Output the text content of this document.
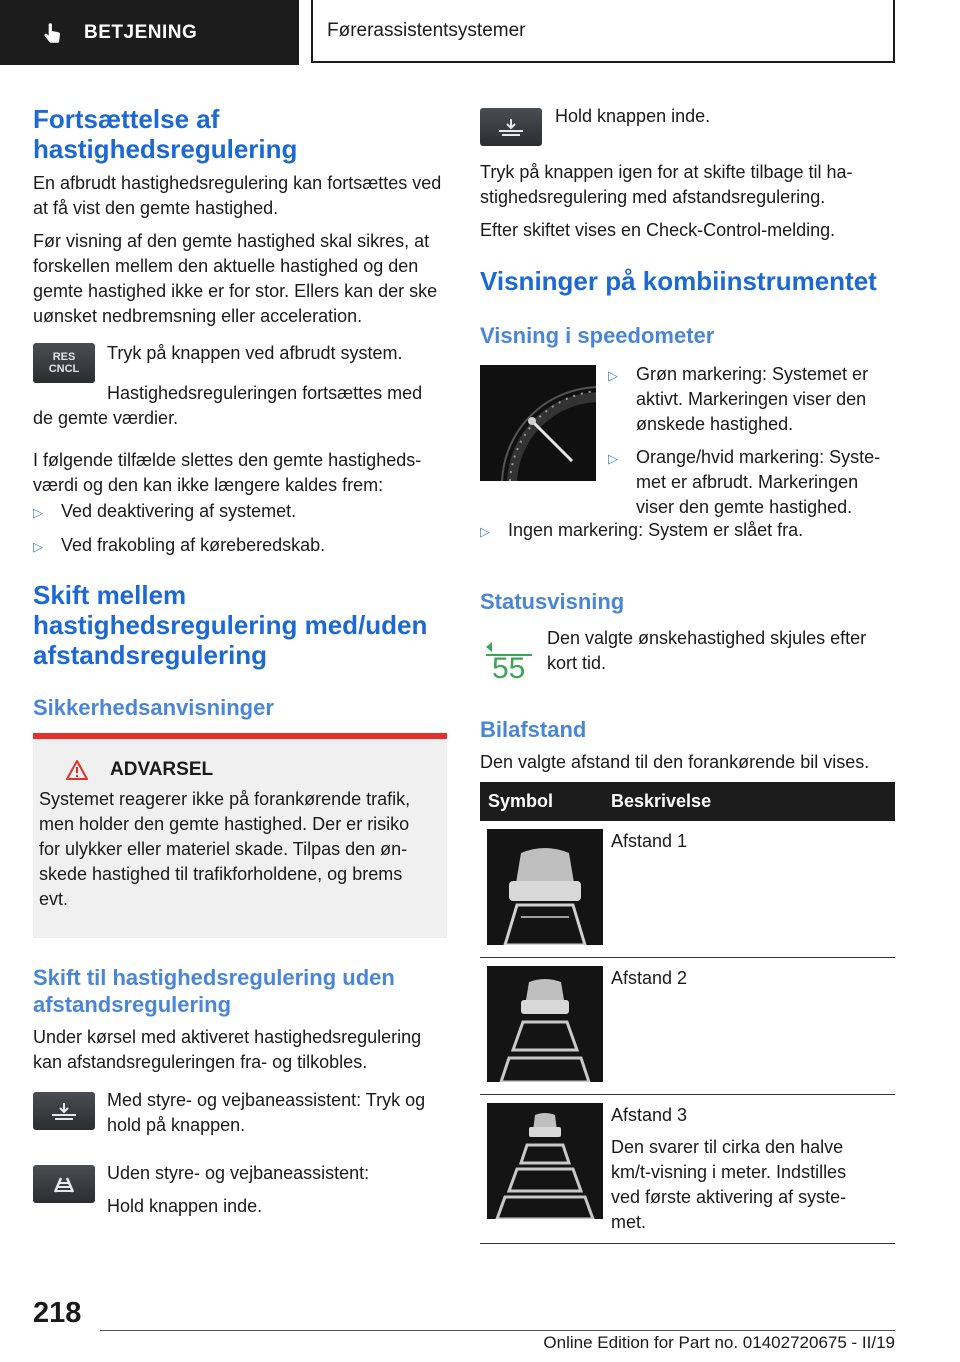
BETJENING	Førerassistentsystemer
Fortsættelse af hastighedsregulering
En afbrudt hastighedsregulering kan fortsættes ved at få vist den gemte hastighed.
Før visning af den gemte hastighed skal sikres, at forskellen mellem den aktuelle hastighed og den gemte hastighed ikke er for stor. Ellers kan der ske uønsket nedbremsning eller acceleration.
RES
CNCL
Tryk på knappen ved afbrudt system.
Hastighedsreguleringen fortsættes med de gemte værdier.
I følgende tilfælde slettes den gemte hastighedsværdi og den kan ikke længere kaldes frem:
▷	Ved deaktivering af systemet.
▷	Ved frakobling af køreberedskab.
Skift mellem hastighedsregulering med/uden afstandsregulering
Sikkerhedsanvisninger
ADVARSEL
Systemet reagerer ikke på forankørende trafik, men holder den gemte hastighed. Der er risiko for ulykker eller materiel skade. Tilpas den ønskede hastighed til trafikforholdene, og brems evt.
Skift til hastighedsregulering uden afstandsregulering
Under kørsel med aktiveret hastighedsregulering kan afstandsreguleringen fra- og tilkobles.
Med styre- og vejbaneassistent: Tryk og hold på knappen.
Uden styre- og vejbaneassistent:
Hold knappen inde.
Hold knappen inde.
Tryk på knappen igen for at skifte tilbage til hastighedsregulering med afstandsregulering.
Efter skiftet vises en Check-Control-melding.
Visninger på kombiinstrumentet
Visning i speedometer
▷	Grøn markering: Systemet er aktivt. Markeringen viser den ønskede hastighed.
▷	Orange/hvid markering: Systemet er afbrudt. Markeringen viser den gemte hastighed.
▷	Ingen markering: System er slået fra.
Statusvisning
55
Den valgte ønskehastighed skjules efter kort tid.
Bilafstand
Den valgte afstand til den forankørende bil vises.
Symbol	Beskrivelse
Afstand 1
Afstand 2
Afstand 3
Den svarer til cirka den halve km/t-visning i meter. Indstilles ved første aktivering af systemet.
218
Online Edition for Part no. 01402720675 - II/19
